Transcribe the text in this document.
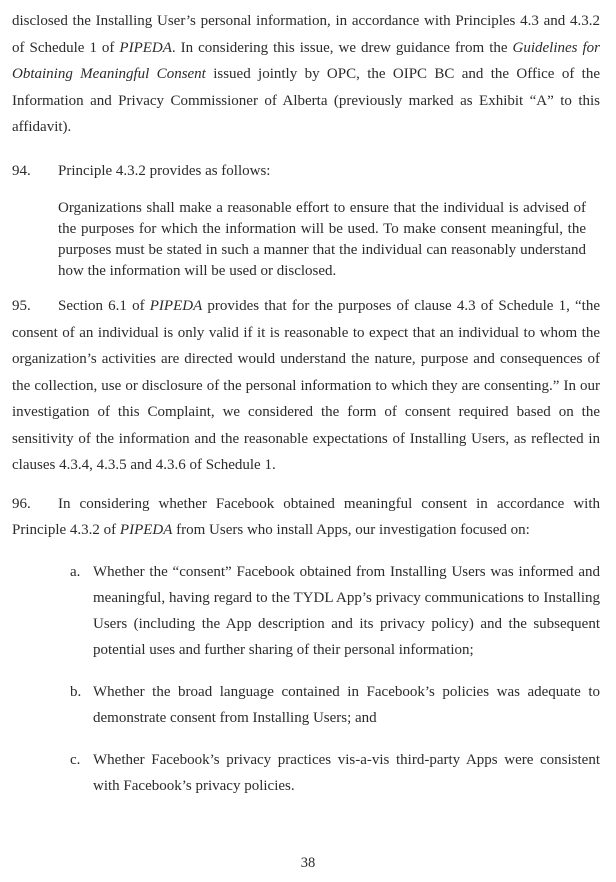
disclosed the Installing User’s personal information, in accordance with Principles 4.3 and 4.3.2 of Schedule 1 of PIPEDA. In considering this issue, we drew guidance from the Guidelines for Obtaining Meaningful Consent issued jointly by OPC, the OIPC BC and the Office of the Information and Privacy Commissioner of Alberta (previously marked as Exhibit “A” to this affidavit).

94. Principle 4.3.2 provides as follows:

Organizations shall make a reasonable effort to ensure that the individual is advised of the purposes for which the information will be used. To make consent meaningful, the purposes must be stated in such a manner that the individual can reasonably understand how the information will be used or disclosed.

95. Section 6.1 of PIPEDA provides that for the purposes of clause 4.3 of Schedule 1, “the consent of an individual is only valid if it is reasonable to expect that an individual to whom the organization’s activities are directed would understand the nature, purpose and consequences of the collection, use or disclosure of the personal information to which they are consenting.” In our investigation of this Complaint, we considered the form of consent required based on the sensitivity of the information and the reasonable expectations of Installing Users, as reflected in clauses 4.3.4, 4.3.5 and 4.3.6 of Schedule 1.

96. In considering whether Facebook obtained meaningful consent in accordance with Principle 4.3.2 of PIPEDA from Users who install Apps, our investigation focused on:

a. Whether the “consent” Facebook obtained from Installing Users was informed and meaningful, having regard to the TYDL App’s privacy communications to Installing Users (including the App description and its privacy policy) and the subsequent potential uses and further sharing of their personal information;
b. Whether the broad language contained in Facebook’s policies was adequate to demonstrate consent from Installing Users; and
c. Whether Facebook’s privacy practices vis-a-vis third-party Apps were consistent with Facebook’s privacy policies.
38
